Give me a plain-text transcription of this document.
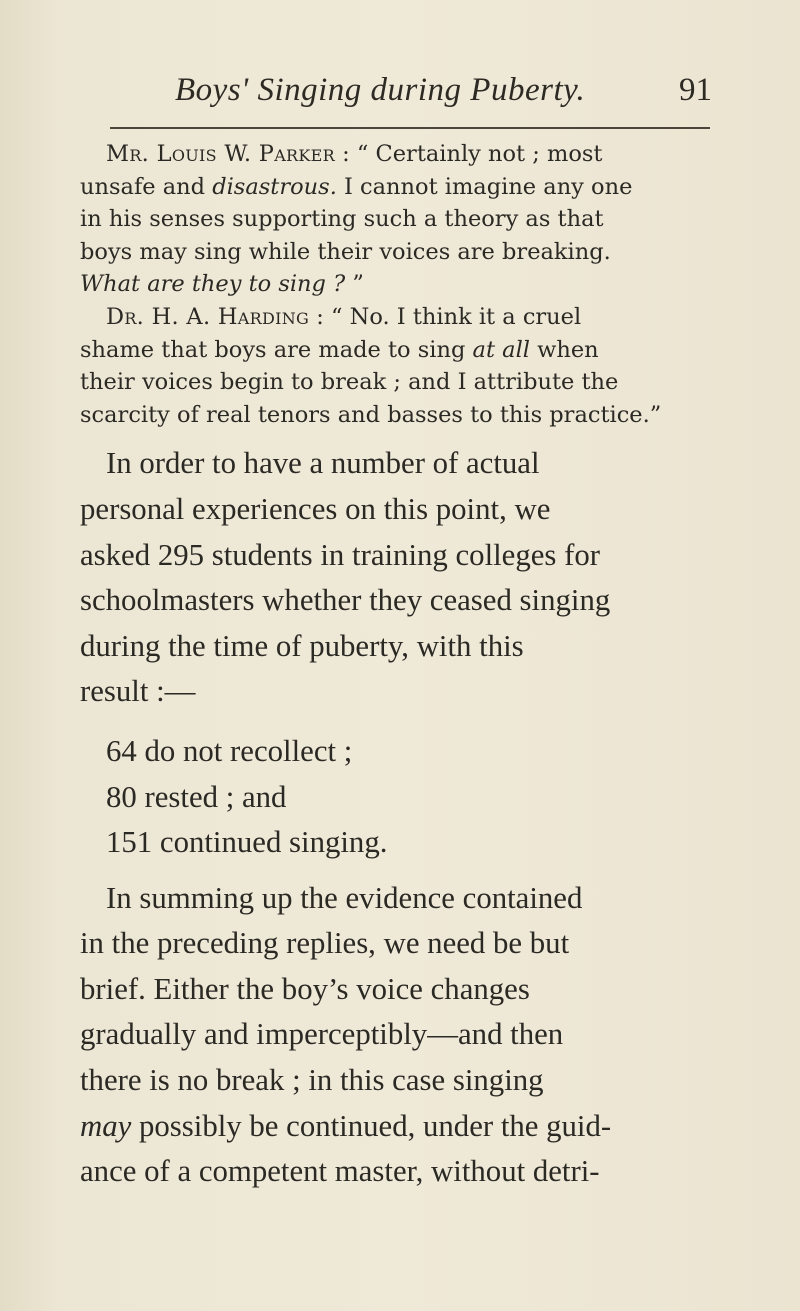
Boys' Singing during Puberty.	91

Mr. Louis W. Parker : “ Certainly not ; most
unsafe and disastrous. I cannot imagine any one
in his senses supporting such a theory as that
boys may sing while their voices are breaking.
What are they to sing ? ”

Dr. H. A. Harding : “ No. I think it a cruel
shame that boys are made to sing at all when
their voices begin to break ; and I attribute the
scarcity of real tenors and basses to this practice.”

In order to have a number of actual
personal experiences on this point, we
asked 295 students in training colleges for
schoolmasters whether they ceased singing
during the time of puberty, with this
result :—

64 do not recollect ;
80 rested ; and
151 continued singing.

In summing up the evidence contained
in the preceding replies, we need be but
brief. Either the boy’s voice changes
gradually and imperceptibly—and then
there is no break ; in this case singing
may possibly be continued, under the guid-
ance of a competent master, without detri-
